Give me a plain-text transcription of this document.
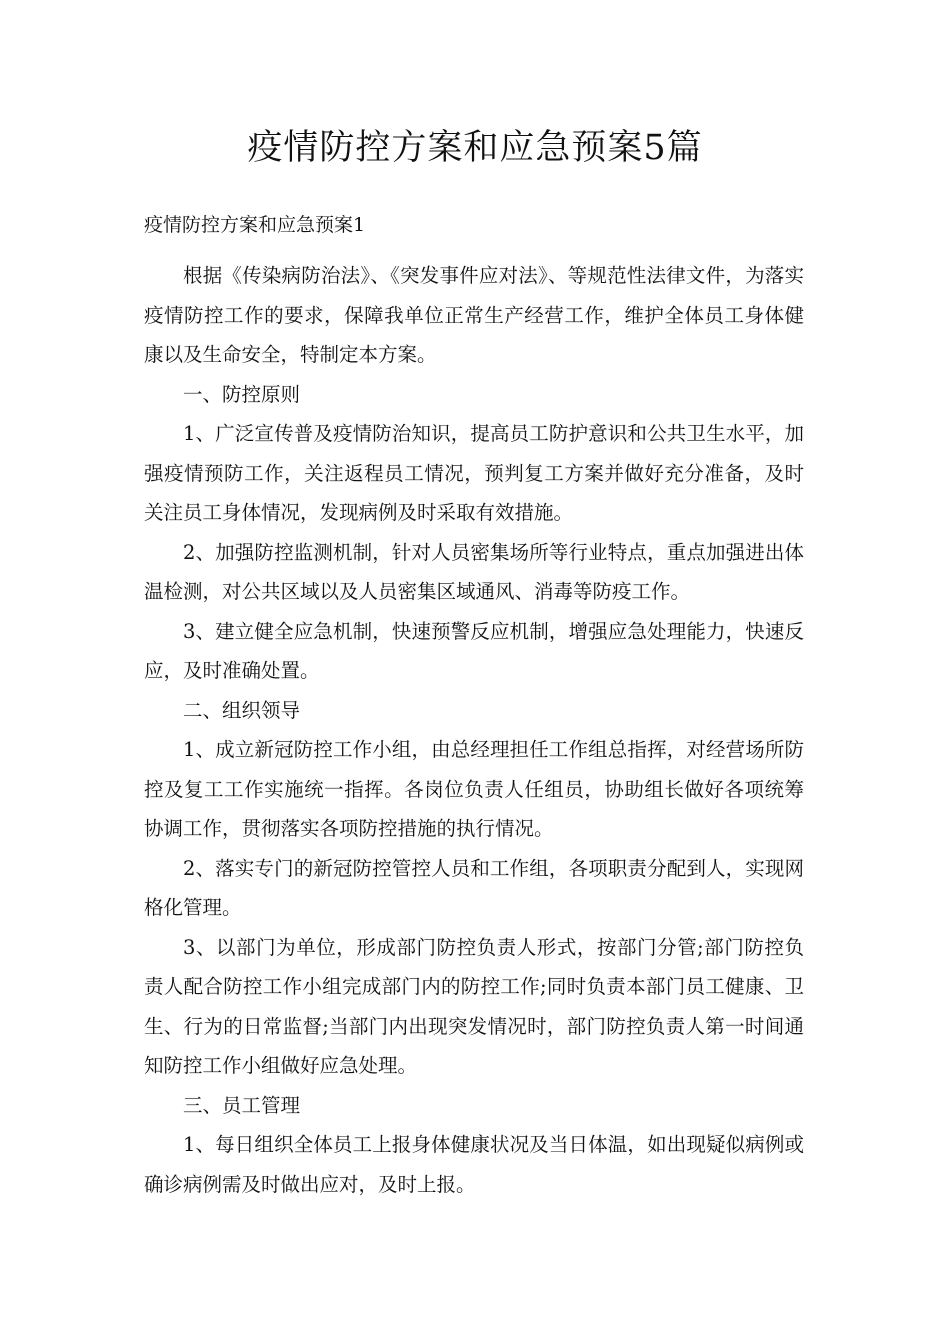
疫情防控方案和应急预案5篇
疫情防控方案和应急预案1

根据《传染病防治法》、《突发事件应对法》、等规范性法律文件，为落实疫情防控工作的要求，保障我单位正常生产经营工作，维护全体员工身体健康以及生命安全，特制定本方案。

一、防控原则

1、广泛宣传普及疫情防治知识，提高员工防护意识和公共卫生水平，加强疫情预防工作，关注返程员工情况，预判复工方案并做好充分准备，及时关注员工身体情况，发现病例及时采取有效措施。

2、加强防控监测机制，针对人员密集场所等行业特点，重点加强进出体温检测，对公共区域以及人员密集区域通风、消毒等防疫工作。

3、建立健全应急机制，快速预警反应机制，增强应急处理能力，快速反应，及时准确处置。

二、组织领导

1、成立新冠防控工作小组，由总经理担任工作组总指挥，对经营场所防控及复工工作实施统一指挥。各岗位负责人任组员，协助组长做好各项统筹协调工作，贯彻落实各项防控措施的执行情况。

2、落实专门的新冠防控管控人员和工作组，各项职责分配到人，实现网格化管理。

3、以部门为单位，形成部门防控负责人形式，按部门分管;部门防控负责人配合防控工作小组完成部门内的防控工作;同时负责本部门员工健康、卫生、行为的日常监督;当部门内出现突发情况时，部门防控负责人第一时间通知防控工作小组做好应急处理。

三、员工管理

1、每日组织全体员工上报身体健康状况及当日体温，如出现疑似病例或确诊病例需及时做出应对，及时上报。
